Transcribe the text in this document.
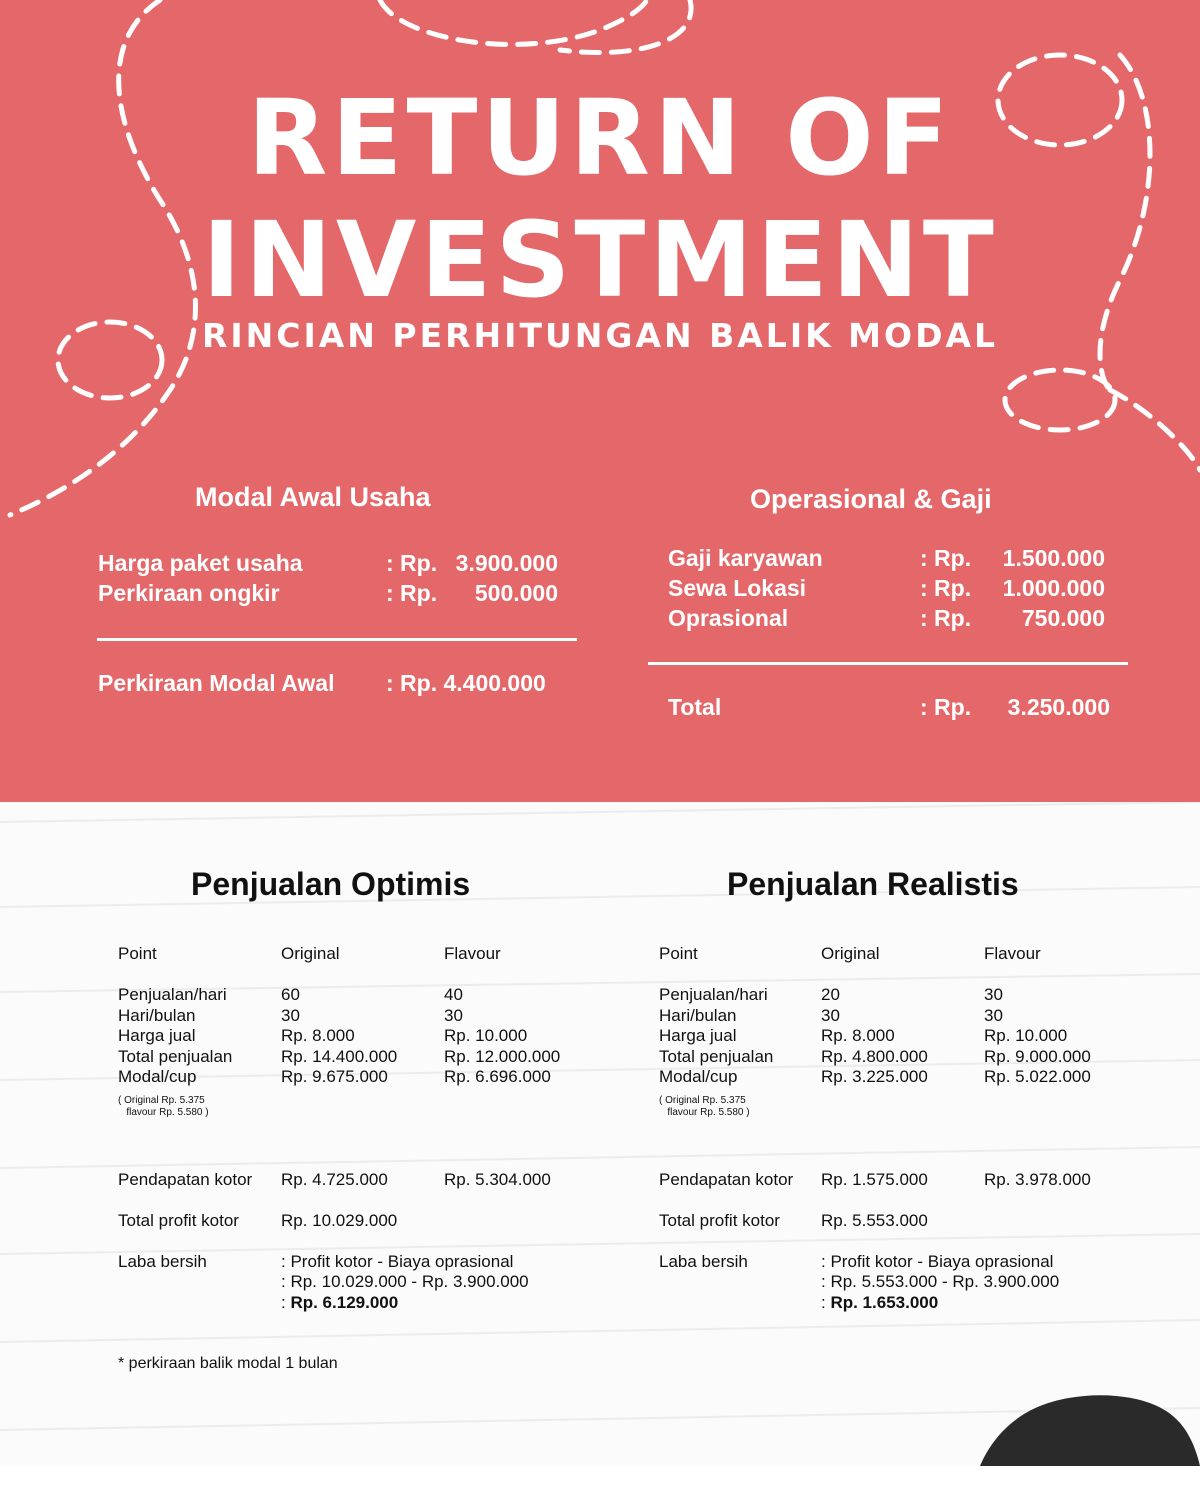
RETURN OF
INVESTMENT
RINCIAN PERHITUNGAN BALIK MODAL
Modal Awal Usaha
Harga paket usaha	: Rp. 3.900.000
Perkiraan ongkir	: Rp. 500.000
Perkiraan Modal Awal : Rp. 4.400.000
Operasional & Gaji
Gaji karyawan	: Rp. 1.500.000
Sewa Lokasi	: Rp. 1.000.000
Oprasional	: Rp. 750.000
Total	: Rp. 3.250.000
Penjualan Optimis
Point	Original	Flavour
Penjualan/hari	60	40
Hari/bulan	30	30
Harga jual	Rp. 8.000	Rp. 10.000
Total penjualan	Rp. 14.400.000	Rp. 12.000.000
Modal/cup	Rp. 9.675.000	Rp. 6.696.000
( Original Rp. 5.375
flavour Rp. 5.580 )
Pendapatan kotor Rp. 4.725.000	Rp. 5.304.000
Total profit kotor Rp. 10.029.000
Laba bersih	: Profit kotor - Biaya oprasional
: Rp. 10.029.000 - Rp. 3.900.000
: Rp. 6.129.000
Penjualan Realistis
Point	Original	Flavour
Penjualan/hari	20	30
Hari/bulan	30	30
Harga jual	Rp. 8.000	Rp. 10.000
Total penjualan	Rp. 4.800.000	Rp. 9.000.000
Modal/cup	Rp. 3.225.000	Rp. 5.022.000
( Original Rp. 5.375
flavour Rp. 5.580 )
Pendapatan kotor Rp. 1.575.000	Rp. 3.978.000
Total profit kotor Rp. 5.553.000
Laba bersih	: Profit kotor - Biaya oprasional
: Rp. 5.553.000 - Rp. 3.900.000
: Rp. 1.653.000
* perkiraan balik modal 1 bulan
